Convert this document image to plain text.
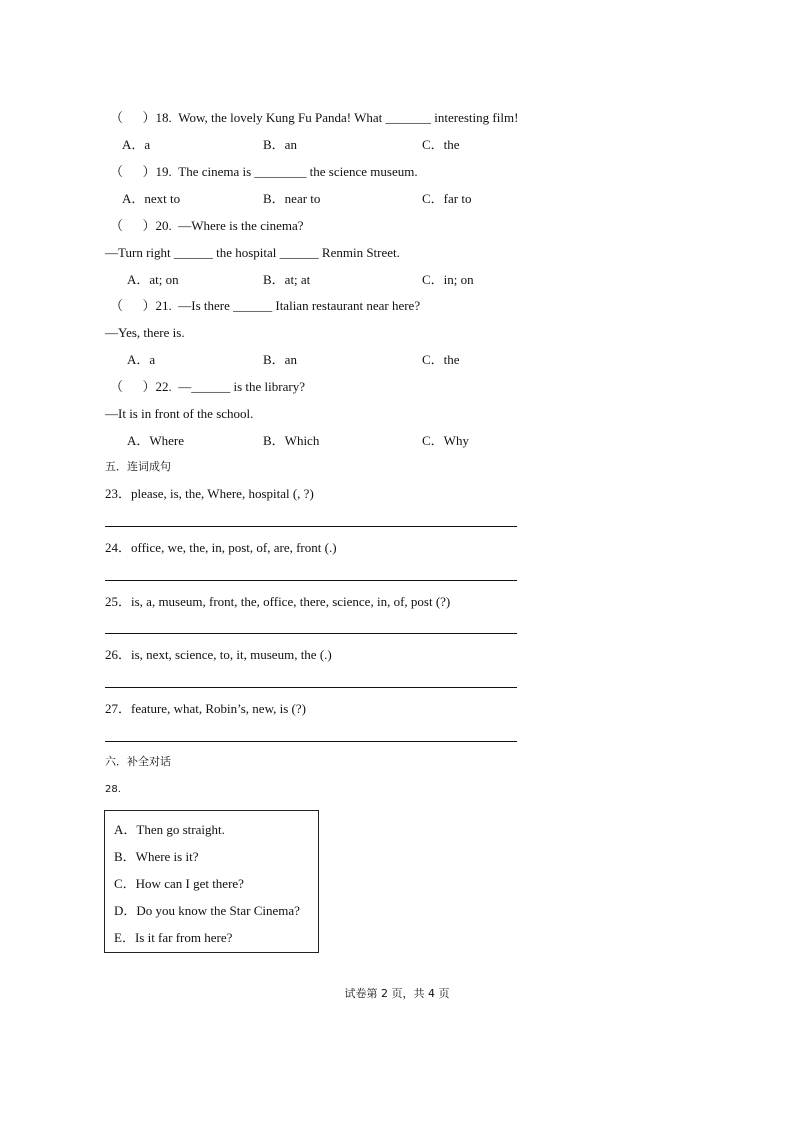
（      ）18.  Wow, the lovely Kung Fu Panda! What _______ interesting film!
A．a	B．an	C．the
（      ）19.  The cinema is ________ the science museum.
A．next to	B．near to	C．far to
（      ）20.  —Where is the cinema?
—Turn right ______ the hospital ______ Renmin Street.
A．at; on	B．at; at	C．in; on
（      ）21.  —Is there ______ Italian restaurant near here?
—Yes, there is.
A．a	B．an	C．the
（      ）22.  —______ is the library?
—It is in front of the school.
A．Where	B．Which	C．Why
五．连词成句
23．please, is, the, Where, hospital (, ?)
24．office, we, the, in, post, of, are, front (.)
25．is, a, museum, front, the, office, there, science, in, of, post (?)
26．is, next, science, to, it, museum, the (.)
27．feature, what, Robin’s, new, is (?)
六．补全对话
28.
A．Then go straight.
B．Where is it?
C．How can I get there?
D．Do you know the Star Cinema?
E．Is it far from here?
试卷第 2 页，共 4 页
